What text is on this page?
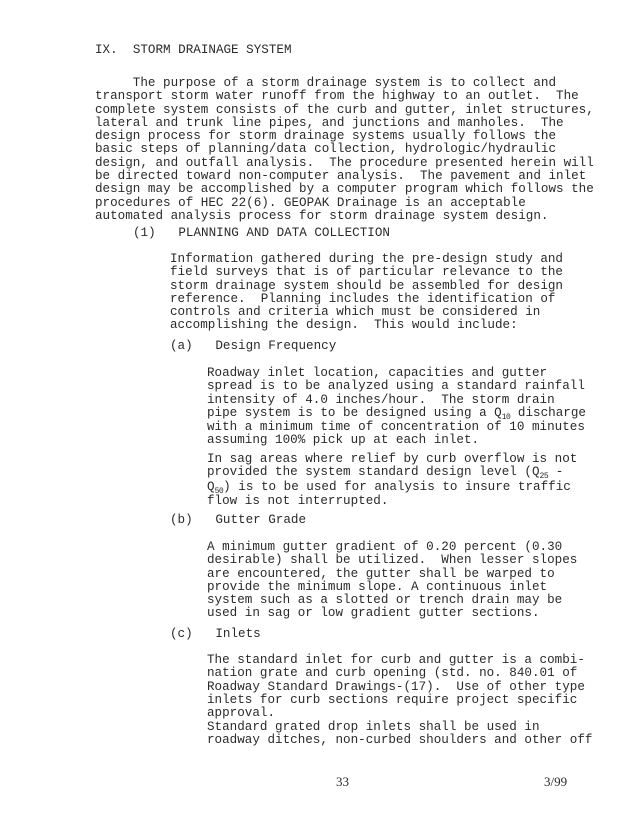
IX. STORM DRAINAGE SYSTEM
The purpose of a storm drainage system is to collect and
transport storm water runoff from the highway to an outlet.  The
complete system consists of the curb and gutter, inlet structures,
lateral and trunk line pipes, and junctions and manholes.  The
design process for storm drainage systems usually follows the
basic steps of planning/data collection, hydrologic/hydraulic
design, and outfall analysis.  The procedure presented herein will
be directed toward non-computer analysis.  The pavement and inlet
design may be accomplished by a computer program which follows the
procedures of HEC 22(6). GEOPAK Drainage is an acceptable
automated analysis process for storm drainage system design.
(1)   PLANNING AND DATA COLLECTION
Information gathered during the pre-design study and
field surveys that is of particular relevance to the
storm drainage system should be assembled for design
reference.  Planning includes the identification of
controls and criteria which must be considered in
accomplishing the design.  This would include:
(a)   Design Frequency
Roadway inlet location, capacities and gutter
spread is to be analyzed using a standard rainfall
intensity of 4.0 inches/hour.  The storm drain
pipe system is to be designed using a $Q_{10}$ discharge
with a minimum time of concentration of 10 minutes
assuming 100% pick up at each inlet.
In sag areas where relief by curb overflow is not
provided the system standard design level ($Q_{25}$ -
$Q_{50}$) is to be used for analysis to insure traffic
flow is not interrupted.
(b)   Gutter Grade
A minimum gutter gradient of 0.20 percent (0.30
desirable) shall be utilized.  When lesser slopes
are encountered, the gutter shall be warped to
provide the minimum slope. A continuous inlet
system such as a slotted or trench drain may be
used in sag or low gradient gutter sections.
(c)   Inlets
The standard inlet for curb and gutter is a combi-
nation grate and curb opening (std. no. 840.01 of
Roadway Standard Drawings-(17).  Use of other type
inlets for curb sections require project specific
approval.
Standard grated drop inlets shall be used in
roadway ditches, non-curbed shoulders and other off
33	3/99
